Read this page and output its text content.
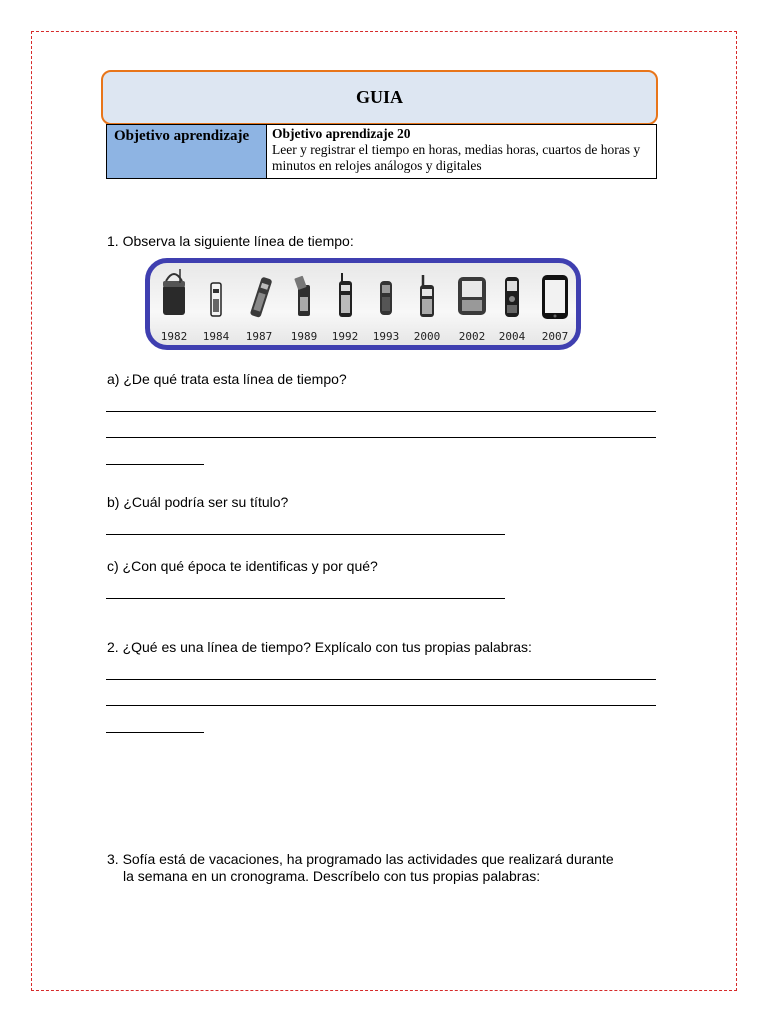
GUIA
Objetivo aprendizaje	Objetivo aprendizaje 20
Leer y registrar el tiempo en horas, medias horas, cuartos de horas y minutos en relojes análogos y digitales
1. Observa la siguiente línea de tiempo:
1982 1984 1987 1989 1992 1993 2000 2002 2004 2007
a) ¿De qué trata esta línea de tiempo?
b) ¿Cuál podría ser su título?
c) ¿Con qué época te identificas y por qué?
2. ¿Qué es una línea de tiempo? Explícalo con tus propias palabras:
3. Sofía está de vacaciones, ha programado las actividades que realizará durante
la semana en un cronograma. Descríbelo con tus propias palabras:
